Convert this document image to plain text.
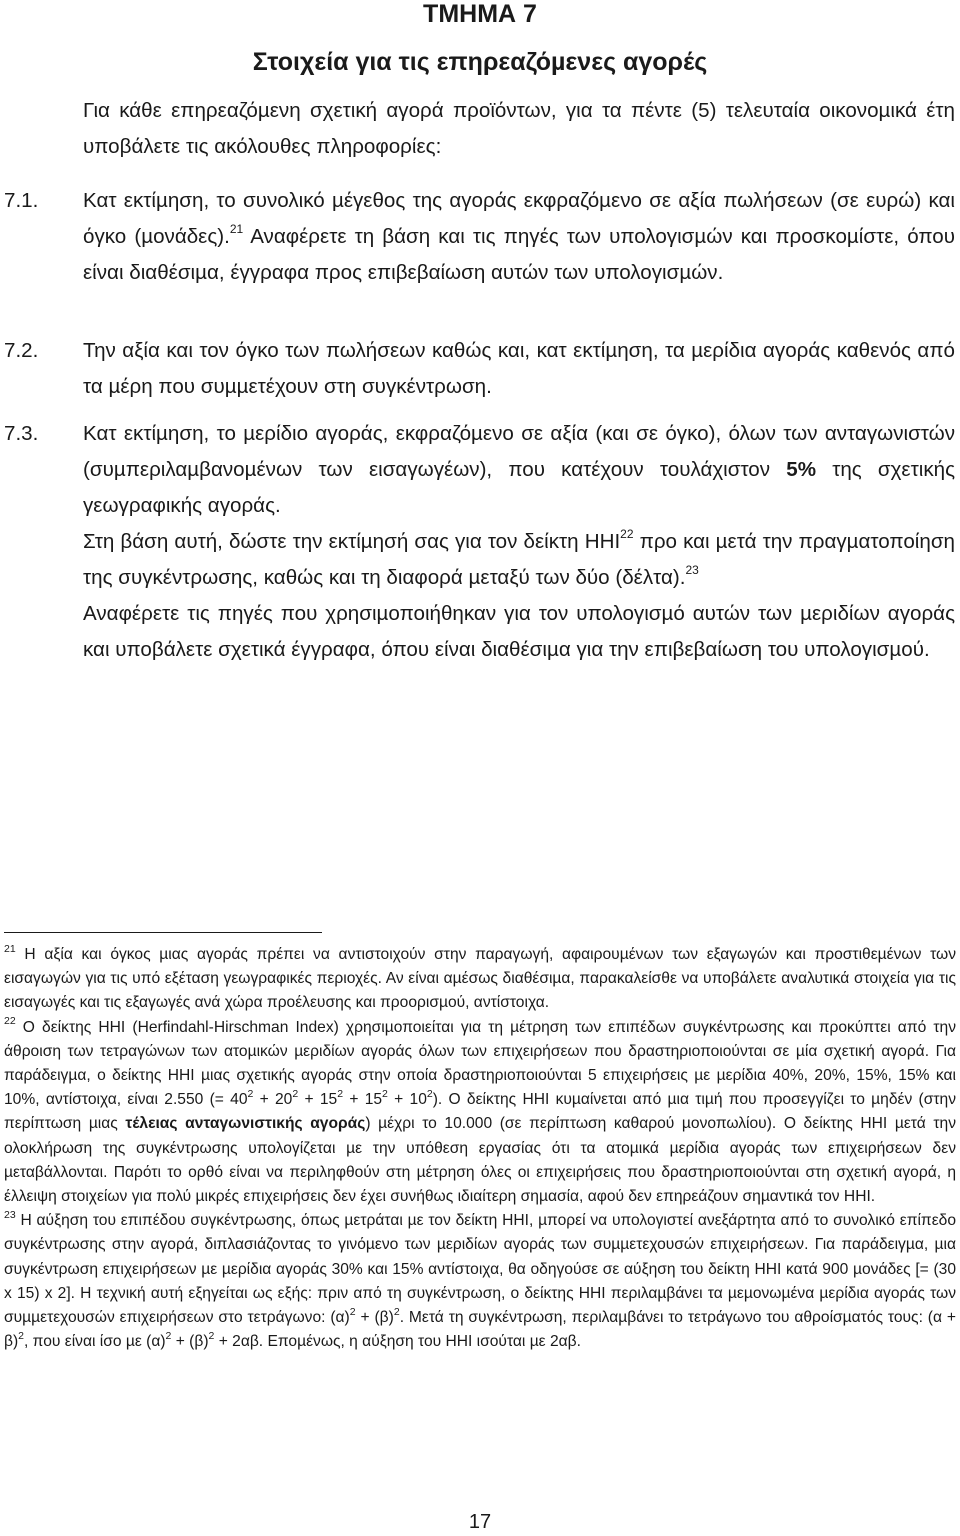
ΤΜΗΜΑ 7
Στοιχεία για τις επηρεαζόµενες αγορές
Για κάθε επηρεαζόµενη σχετική αγορά προϊόντων, για τα πέντε (5) τελευταία οικονοµικά έτη υποβάλετε τις ακόλουθες πληροφορίες:
7.1. Κατ εκτίµηση, το συνολικό µέγεθος της αγοράς εκφραζόµενο σε αξία πωλήσεων (σε ευρώ) και όγκο (µονάδες).$^{21}$ Αναφέρετε τη βάση και τις πηγές των υπολογισµών και προσκοµίστε, όπου είναι διαθέσιµα, έγγραφα προς επιβεβαίωση αυτών των υπολογισµών.
7.2. Την αξία και τον όγκο των πωλήσεων καθώς και, κατ εκτίµηση, τα µερίδια αγοράς καθενός από τα µέρη που συµµετέχουν στη συγκέντρωση.
7.3. Κατ εκτίµηση, το µερίδιο αγοράς, εκφραζόµενο σε αξία (και σε όγκο), όλων των ανταγωνιστών (συµπεριλαµβανοµένων των εισαγωγέων), που κατέχουν τουλάχιστον 5% της σχετικής γεωγραφικής αγοράς.

Στη βάση αυτή, δώστε την εκτίµησή σας για τον δείκτη ΗΗΙ$^{22}$ προ και µετά την πραγµατοποίηση της συγκέντρωσης, καθώς και τη διαφορά µεταξύ των δύο (δέλτα).$^{23}$

Αναφέρετε τις πηγές που χρησιµοποιήθηκαν για τον υπολογισµό αυτών των µεριδίων αγοράς και υποβάλετε σχετικά έγγραφα, όπου είναι διαθέσιµα για την επιβεβαίωση του υπολογισµού.

$^{21}$ Η αξία και όγκος µιας αγοράς πρέπει να αντιστοιχούν στην παραγωγή, αφαιρουµένων των εξαγωγών και προστιθεµένων των εισαγωγών για τις υπό εξέταση γεωγραφικές περιοχές. Αν είναι αµέσως διαθέσιµα, παρακαλείσθε να υποβάλετε αναλυτικά στοιχεία για τις εισαγωγές και τις εξαγωγές ανά χώρα προέλευσης και προορισµού, αντίστοιχα.

$^{22}$ Ο δείκτης ΗΗΙ (Herfindahl-Hirschman Index) χρησιµοποιείται για τη µέτρηση των επιπέδων συγκέντρωσης και προκύπτει από την άθροιση των τετραγώνων των ατοµικών µεριδίων αγοράς όλων των επιχειρήσεων που δραστηριοποιούνται σε µία σχετική αγορά. Για παράδειγµα, ο δείκτης ΗΗΙ µιας σχετικής αγοράς στην οποία δραστηριοποιούνται 5 επιχειρήσεις µε µερίδια 40%, 20%, 15%, 15% και 10%, αντίστοιχα, είναι 2.550 (= $40^2 + 20^2 + 15^2 + 15^2 + 10^2$). Ο δείκτης ΗΗΙ κυµαίνεται από µια τιµή που προσεγγίζει το µηδέν (στην περίπτωση µιας τέλειας ανταγωνιστικής αγοράς) µέχρι το 10.000 (σε περίπτωση καθαρού µονοπωλίου). Ο δείκτης ΗΗΙ µετά την ολοκλήρωση της συγκέντρωσης υπολογίζεται µε την υπόθεση εργασίας ότι τα ατοµικά µερίδια αγοράς των επιχειρήσεων δεν µεταβάλλονται. Παρότι το ορθό είναι να περιληφθούν στη µέτρηση όλες οι επιχειρήσεις που δραστηριοποιούνται στη σχετική αγορά, η έλλειψη στοιχείων για πολύ µικρές επιχειρήσεις δεν έχει συνήθως ιδιαίτερη σηµασία, αφού δεν επηρεάζουν σηµαντικά τον ΗΗΙ.

$^{23}$ Η αύξηση του επιπέδου συγκέντρωσης, όπως µετράται µε τον δείκτη ΗΗΙ, µπορεί να υπολογιστεί ανεξάρτητα από το συνολικό επίπεδο συγκέντρωσης στην αγορά, διπλασιάζοντας το γινόµενο των µεριδίων αγοράς των συµµετεχουσών επιχειρήσεων. Για παράδειγµα, µια συγκέντρωση επιχειρήσεων µε µερίδια αγοράς 30% και 15% αντίστοιχα, θα οδηγούσε σε αύξηση του δείκτη ΗΗΙ κατά 900 µονάδες [= (30 x 15) x 2]. Η τεχνική αυτή εξηγείται ως εξής: πριν από τη συγκέντρωση, ο δείκτης ΗΗΙ περιλαµβάνει τα µεµονωµένα µερίδια αγοράς των συµµετεχουσών επιχειρήσεων στο τετράγωνο: $(\alpha)^2 + (\beta)^2$. Μετά τη συγκέντρωση, περιλαµβάνει το τετράγωνο του αθροίσµατός τους: $(\alpha + \beta)^2$, που είναι ίσο µε $(\alpha)^2 + (\beta)^2 + 2\alpha\beta$. Εποµένως, η αύξηση του ΗΗΙ ισούται µε 2αβ.

17
